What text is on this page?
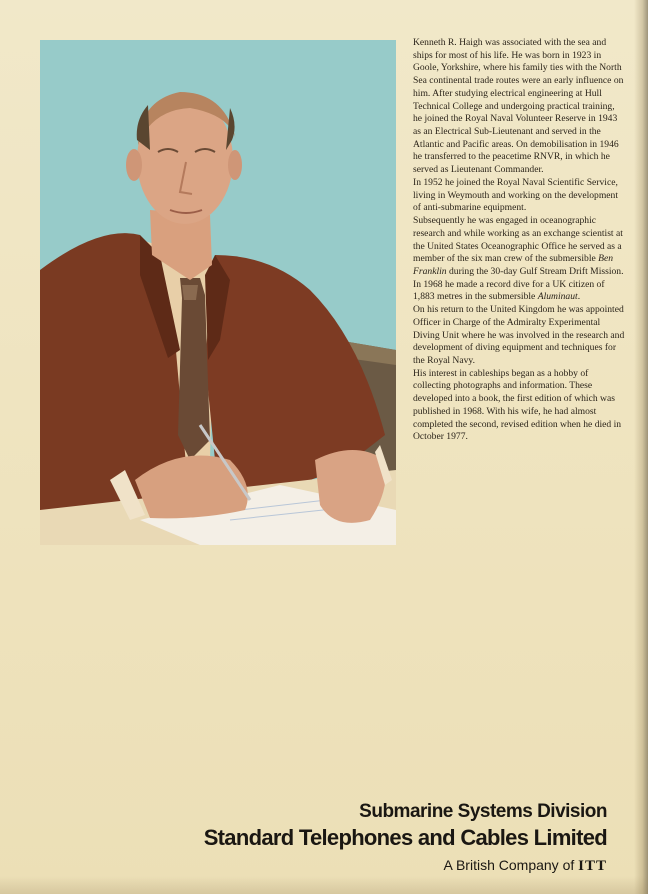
Kenneth R. Haigh was associated with the sea and ships for most of his life. He was born in 1923 in Goole, Yorkshire, where his family ties with the North Sea continental trade routes were an early influence on him. After studying electrical engineering at Hull Technical College and undergoing practical training, he joined the Royal Naval Volunteer Reserve in 1943 as an Electrical Sub-Lieutenant and served in the Atlantic and Pacific areas. On demobilisation in 1946 he transferred to the peacetime RNVR, in which he served as Lieutenant Commander.

In 1952 he joined the Royal Naval Scientific Service, living in Weymouth and working on the development of anti-submarine equipment.

Subsequently he was engaged in oceanographic research and while working as an exchange scientist at the United States Oceanographic Office he served as a member of the six man crew of the submersible Ben Franklin during the 30-day Gulf Stream Drift Mission. In 1968 he made a record dive for a UK citizen of 1,883 metres in the submersible Aluminaut.

On his return to the United Kingdom he was appointed Officer in Charge of the Admiralty Experimental Diving Unit where he was involved in the research and development of diving equipment and techniques for the Royal Navy.

His interest in cableships began as a hobby of collecting photographs and information. These developed into a book, the first edition of which was published in 1968. With his wife, he had almost completed the second, revised edition when he died in October 1977.

Submarine Systems Division
Standard Telephones and Cables Limited
A British Company of ITT
